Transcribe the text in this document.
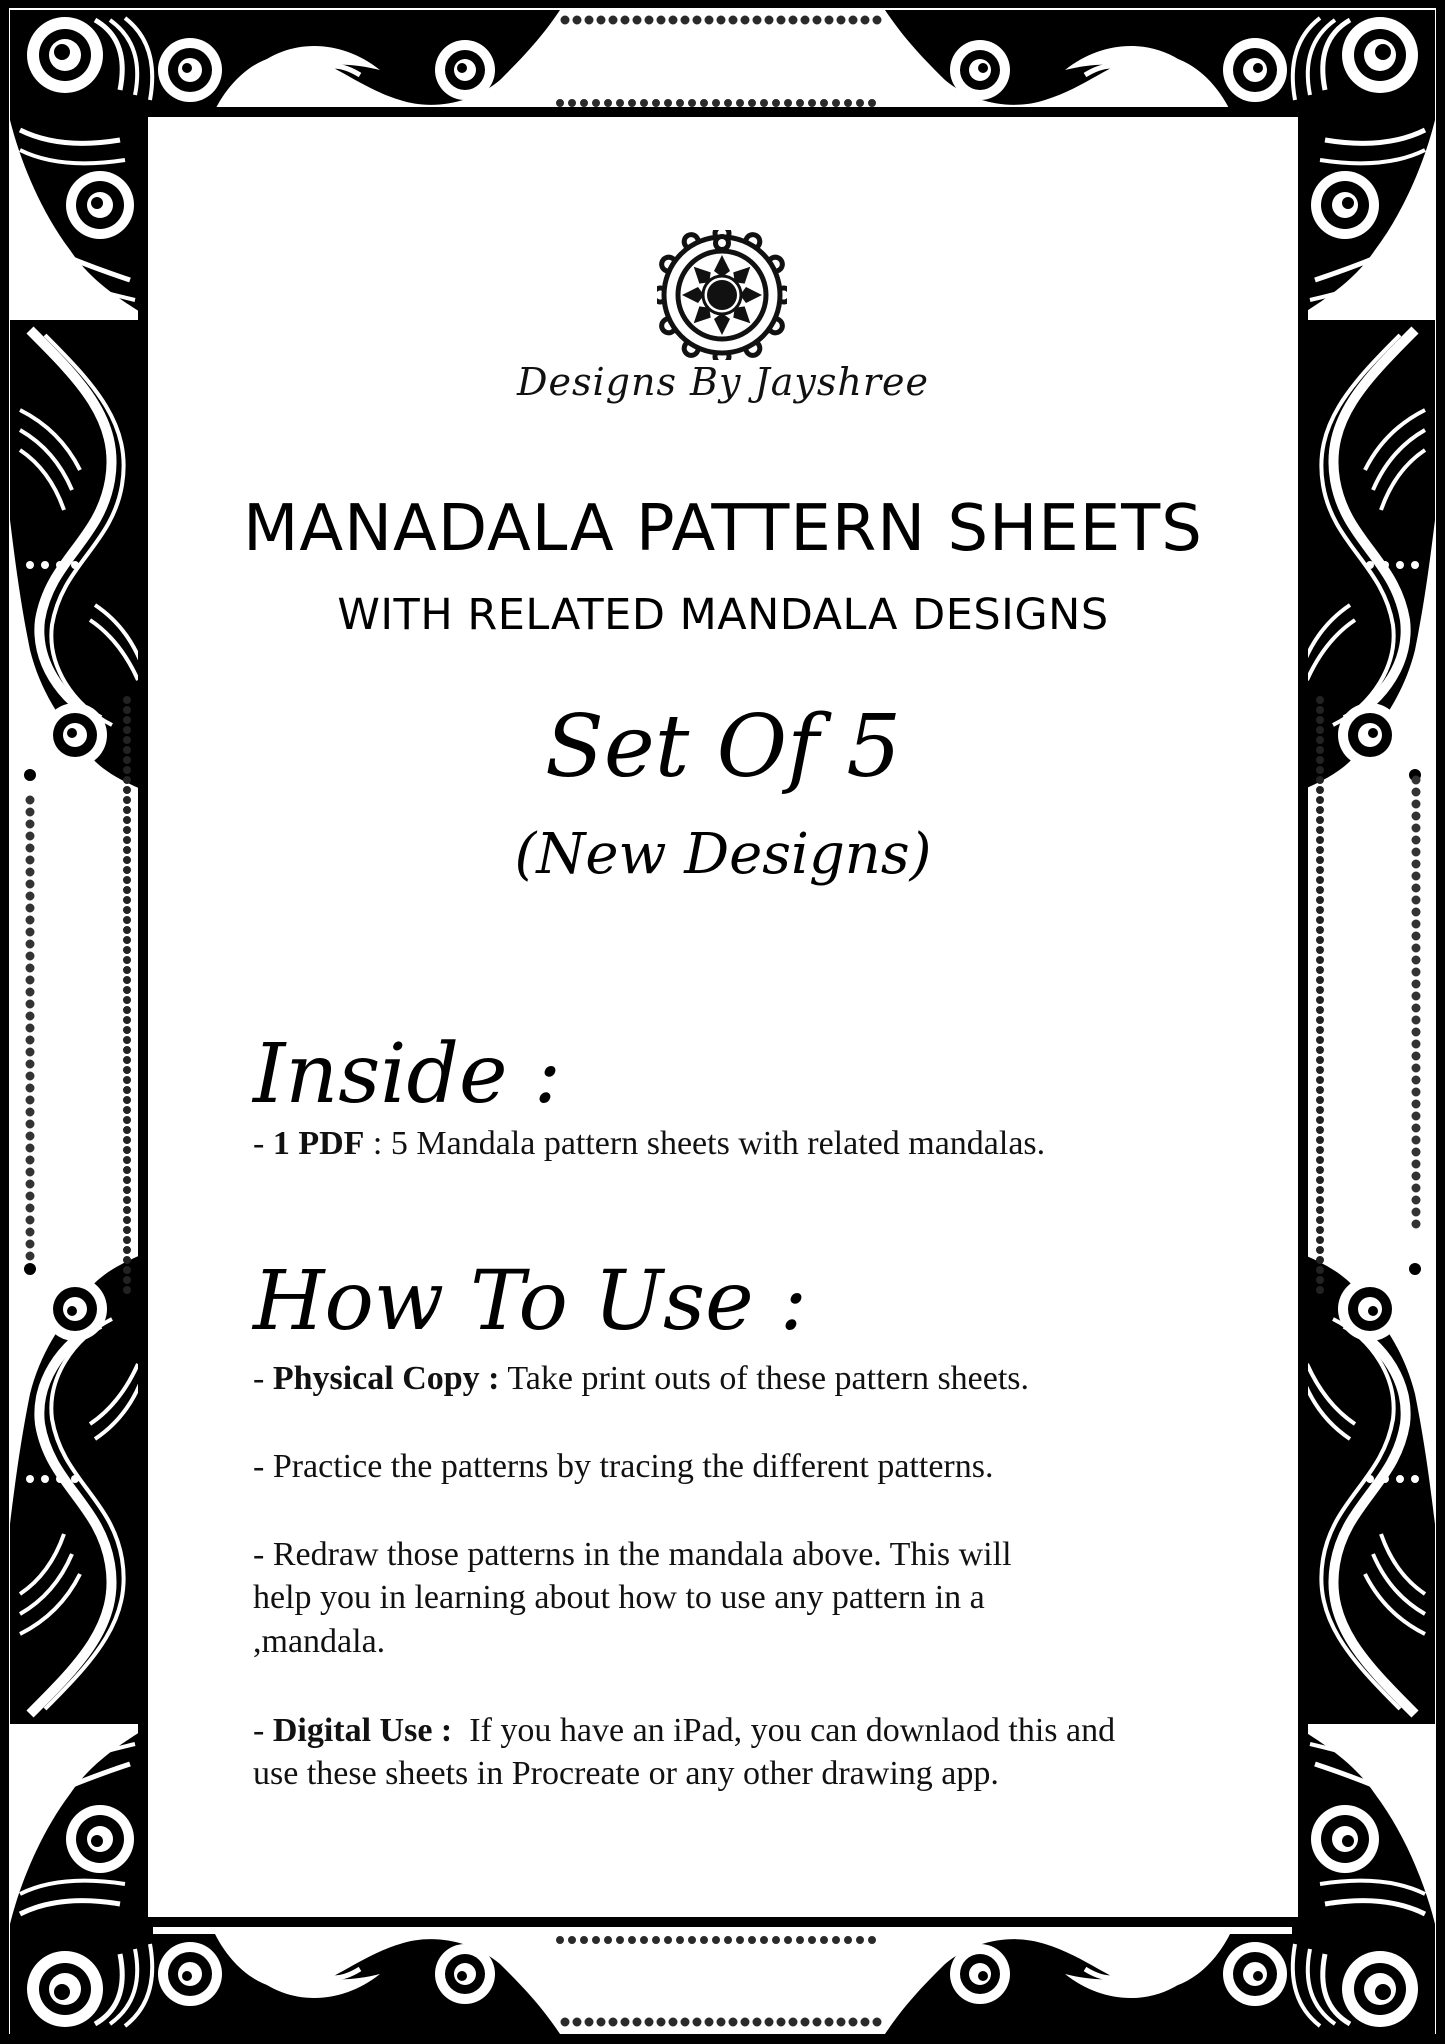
Designs By Jayshree
MANADALA PATTERN SHEETS
WITH RELATED MANDALA DESIGNS
Set Of 5
(New Designs)
Inside :
- 1 PDF : 5 Mandala pattern sheets with related mandalas.
How To Use :
- Physical Copy : Take print outs of these pattern sheets.
- Practice the patterns by tracing the different patterns.
- Redraw those patterns in the mandala above. This will
help you in learning about how to use any pattern in a
,mandala.
- Digital Use :  If you have an iPad, you can downlaod this and
use these sheets in Procreate or any other drawing app.
